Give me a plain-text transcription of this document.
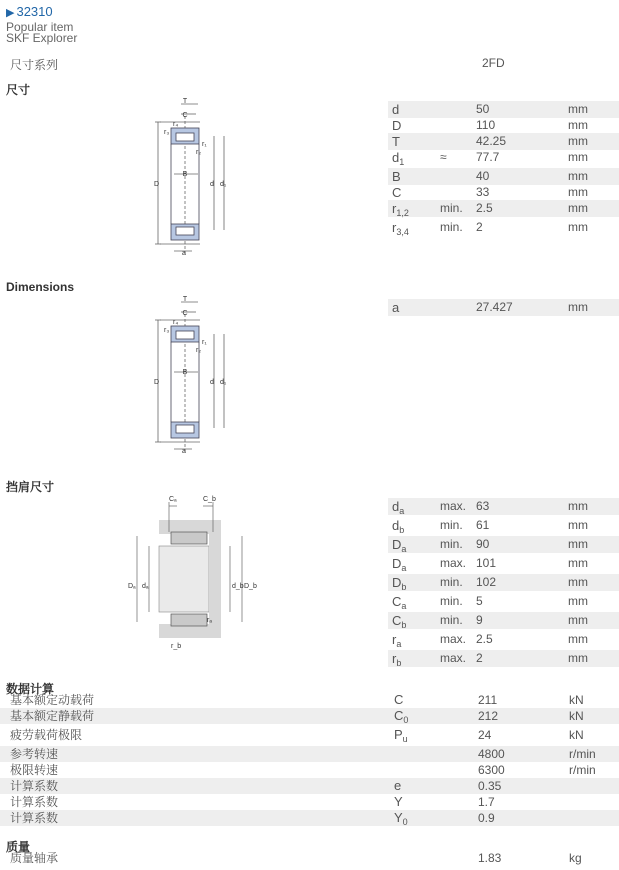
▶ 32310
Popular item
SKF Explorer
尺寸系列	2FD
尺寸
Dimensions
挡肩尺寸
数据计算
质量
T
C
B
D	d d₁
a
r₃
r₄
r₁
r₂
T
C
B
D	d d₁
a
r₃
r₄
r₁
r₂
Cₐ	C_b
Dₐ dₐ	d_b D_b
rₐ
r_b
d	50	mm
D	110	mm
T	42.25	mm
$d_1$	≈ 77.7	mm
B	40	mm
C	33	mm
$r_{1,2}$	min. 2.5	mm
$r_{3,4}$	min. 2	mm
a	27.427	mm
$d_a$	max. 63	mm
$d_b$	min. 61	mm
$D_a$	min. 90	mm
$D_a$	max. 101	mm
$D_b$	min. 102	mm
$C_a$	min. 5	mm
$C_b$	min. 9	mm
$r_a$	max. 2.5	mm
$r_b$	max. 2	mm
基本额定动载荷	C	211	kN
基本额定静载荷	$C_0$	212	kN
疲劳载荷极限	$P_u$	24	kN
参考转速	4800	r/min
极限转速	6300	r/min
计算系数	e	0.35
计算系数	Y	1.7
计算系数	$Y_0$	0.9
质量轴承	1.83	kg
